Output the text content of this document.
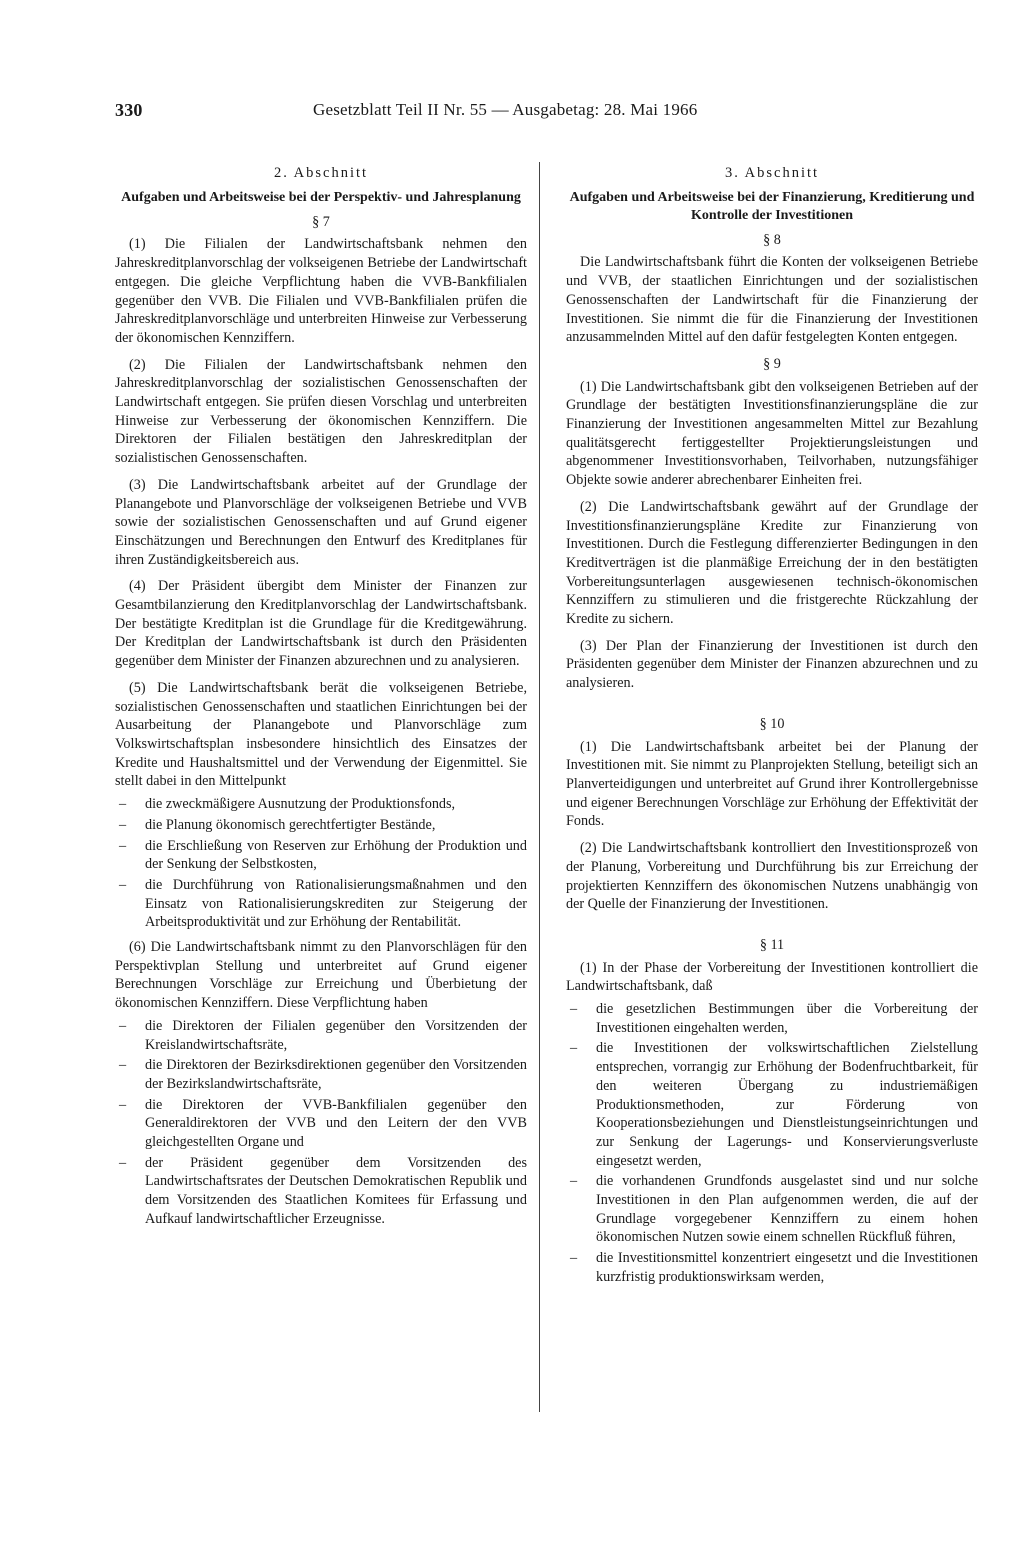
330	Gesetzblatt Teil II Nr. 55 — Ausgabetag: 28. Mai 1966
2. Abschnitt
Aufgaben und Arbeitsweise bei der Perspektiv- und Jahresplanung
§ 7

(1) Die Filialen der Landwirtschaftsbank nehmen den Jahreskreditplanvorschlag der volkseigenen Betriebe der Landwirtschaft entgegen. Die gleiche Verpflichtung haben die VVB-Bankfilialen gegenüber den VVB. Die Filialen und VVB-Bankfilialen prüfen die Jahreskreditplanvorschläge und unterbreiten Hinweise zur Verbesserung der ökonomischen Kennziffern.

(2) Die Filialen der Landwirtschaftsbank nehmen den Jahreskreditplanvorschlag der sozialistischen Genossenschaften der Landwirtschaft entgegen. Sie prüfen diesen Vorschlag und unterbreiten Hinweise zur Verbesserung der ökonomischen Kennziffern. Die Direktoren der Filialen bestätigen den Jahreskreditplan der sozialistischen Genossenschaften.

(3) Die Landwirtschaftsbank arbeitet auf der Grundlage der Planangebote und Planvorschläge der volkseigenen Betriebe und VVB sowie der sozialistischen Genossenschaften und auf Grund eigener Einschätzungen und Berechnungen den Entwurf des Kreditplanes für ihren Zuständigkeitsbereich aus.

(4) Der Präsident übergibt dem Minister der Finanzen zur Gesamtbilanzierung den Kreditplanvorschlag der Landwirtschaftsbank. Der bestätigte Kreditplan ist die Grundlage für die Kreditgewährung. Der Kreditplan der Landwirtschaftsbank ist durch den Präsidenten gegenüber dem Minister der Finanzen abzurechnen und zu analysieren.

(5) Die Landwirtschaftsbank berät die volkseigenen Betriebe, sozialistischen Genossenschaften und staatlichen Einrichtungen bei der Ausarbeitung der Planangebote und Planvorschläge zum Volkswirtschaftsplan insbesondere hinsichtlich des Einsatzes der Kredite und Haushaltsmittel und der Verwendung der Eigenmittel. Sie stellt dabei in den Mittelpunkt

– die zweckmäßigere Ausnutzung der Produktionsfonds,
– die Planung ökonomisch gerechtfertigter Bestände,
– die Erschließung von Reserven zur Erhöhung der Produktion und der Senkung der Selbstkosten,
– die Durchführung von Rationalisierungsmaßnahmen und den Einsatz von Rationalisierungskrediten zur Steigerung der Arbeitsproduktivität und zur Erhöhung der Rentabilität.

(6) Die Landwirtschaftsbank nimmt zu den Planvorschlägen für den Perspektivplan Stellung und unterbreitet auf Grund eigener Berechnungen Vorschläge zur Erreichung und Überbietung der ökonomischen Kennziffern. Diese Verpflichtung haben

– die Direktoren der Filialen gegenüber den Vorsitzenden der Kreislandwirtschaftsräte,
– die Direktoren der Bezirksdirektionen gegenüber den Vorsitzenden der Bezirkslandwirtschaftsräte,
– die Direktoren der VVB-Bankfilialen gegenüber den Generaldirektoren der VVB und den Leitern der den VVB gleichgestellten Organe und
– der Präsident gegenüber dem Vorsitzenden des Landwirtschaftsrates der Deutschen Demokratischen Republik und dem Vorsitzenden des Staatlichen Komitees für Erfassung und Aufkauf landwirtschaftlicher Erzeugnisse.
3. Abschnitt
Aufgaben und Arbeitsweise bei der Finanzierung, Kreditierung und Kontrolle der Investitionen
§ 8

Die Landwirtschaftsbank führt die Konten der volkseigenen Betriebe und VVB, der staatlichen Einrichtungen und der sozialistischen Genossenschaften der Landwirtschaft für die Finanzierung der Investitionen. Sie nimmt die für die Finanzierung der Investitionen anzusammelnden Mittel auf den dafür festgelegten Konten entgegen.

§ 9

(1) Die Landwirtschaftsbank gibt den volkseigenen Betrieben auf der Grundlage der bestätigten Investitionsfinanzierungspläne die zur Finanzierung der Investitionen angesammelten Mittel zur Bezahlung qualitätsgerecht fertiggestellter Projektierungsleistungen und abgenommener Investitionsvorhaben, Teilvorhaben, nutzungsfähiger Objekte sowie anderer abrechenbarer Einheiten frei.

(2) Die Landwirtschaftsbank gewährt auf der Grundlage der Investitionsfinanzierungspläne Kredite zur Finanzierung von Investitionen. Durch die Festlegung differenzierter Bedingungen in den Kreditverträgen ist die planmäßige Erreichung der in den bestätigten Vorbereitungsunterlagen ausgewiesenen technisch-ökonomischen Kennziffern zu stimulieren und die fristgerechte Rückzahlung der Kredite zu sichern.

(3) Der Plan der Finanzierung der Investitionen ist durch den Präsidenten gegenüber dem Minister der Finanzen abzurechnen und zu analysieren.

§ 10

(1) Die Landwirtschaftsbank arbeitet bei der Planung der Investitionen mit. Sie nimmt zu Planprojekten Stellung, beteiligt sich an Planverteidigungen und unterbreitet auf Grund ihrer Kontrollergebnisse und eigener Berechnungen Vorschläge zur Erhöhung der Effektivität der Fonds.

(2) Die Landwirtschaftsbank kontrolliert den Investitionsprozeß von der Planung, Vorbereitung und Durchführung bis zur Erreichung der projektierten Kennziffern des ökonomischen Nutzens unabhängig von der Quelle der Finanzierung der Investitionen.

§ 11

(1) In der Phase der Vorbereitung der Investitionen kontrolliert die Landwirtschaftsbank, daß

– die gesetzlichen Bestimmungen über die Vorbereitung der Investitionen eingehalten werden,
– die Investitionen der volkswirtschaftlichen Zielstellung entsprechen, vorrangig zur Erhöhung der Bodenfruchtbarkeit, für den weiteren Übergang zu industriemäßigen Produktionsmethoden, zur Förderung von Kooperationsbeziehungen und Dienstleistungseinrichtungen und zur Senkung der Lagerungs- und Konservierungsverluste eingesetzt werden,
– die vorhandenen Grundfonds ausgelastet sind und nur solche Investitionen in den Plan aufgenommen werden, die auf der Grundlage vorgegebener Kennziffern zu einem hohen ökonomischen Nutzen sowie einem schnellen Rückfluß führen,
– die Investitionsmittel konzentriert eingesetzt und die Investitionen kurzfristig produktionswirksam werden,
